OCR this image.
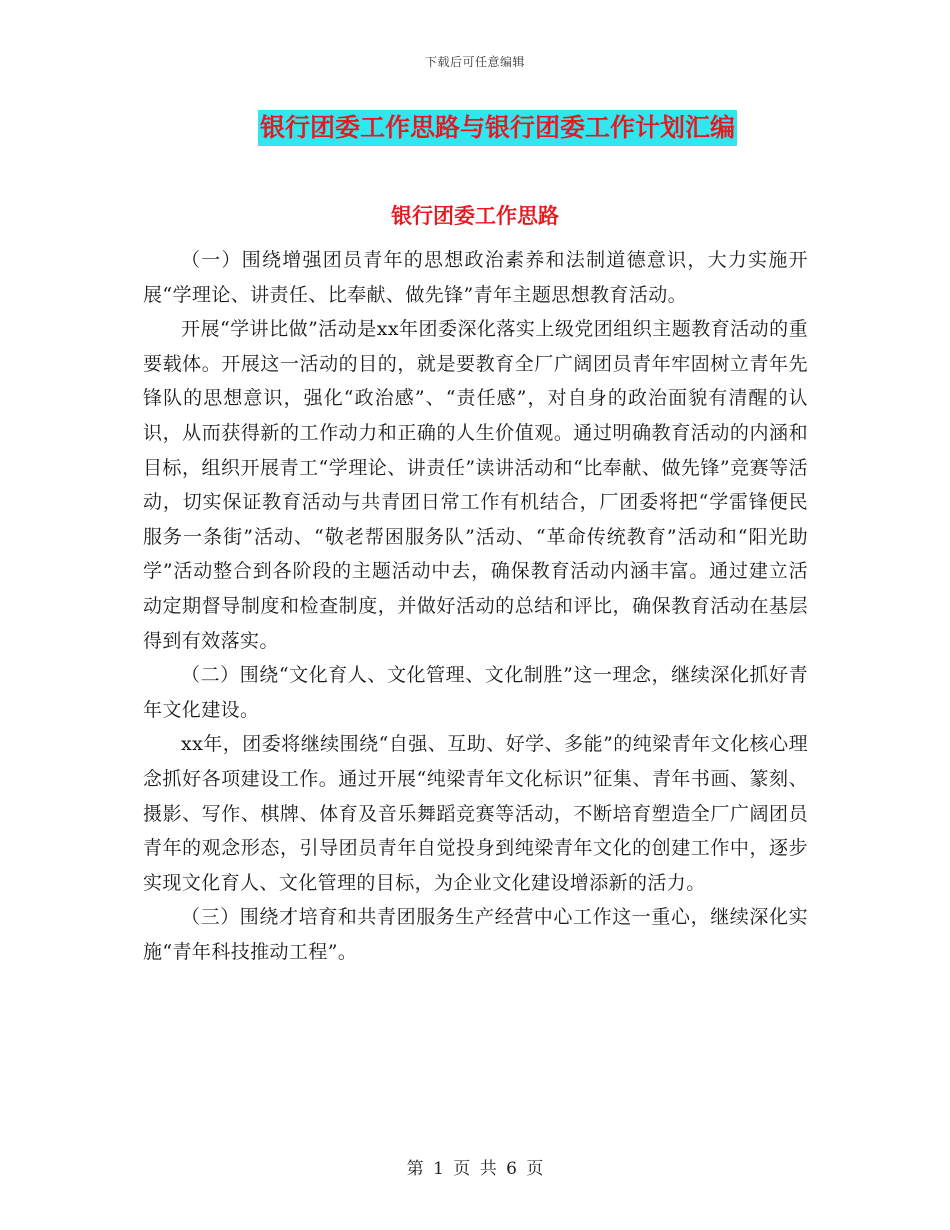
下载后可任意编辑
银行团委工作思路与银行团委工作计划汇编
银行团委工作思路

（一）围绕增强团员青年的思想政治素养和法制道德意识，大力实施开展“学理论、讲责任、比奉献、做先锋”青年主题思想教育活动。

开展“学讲比做”活动是xx年团委深化落实上级党团组织主题教育活动的重要载体。开展这一活动的目的，就是要教育全厂广阔团员青年牢固树立青年先锋队的思想意识，强化“政治感”、“责任感”，对自身的政治面貌有清醒的认识，从而获得新的工作动力和正确的人生价值观。通过明确教育活动的内涵和目标，组织开展青工“学理论、讲责任”读讲活动和“比奉献、做先锋”竞赛等活动，切实保证教育活动与共青团日常工作有机结合，厂团委将把“学雷锋便民服务一条街”活动、“敬老帮困服务队”活动、“革命传统教育”活动和“阳光助学”活动整合到各阶段的主题活动中去，确保教育活动内涵丰富。通过建立活动定期督导制度和检查制度，并做好活动的总结和评比，确保教育活动在基层得到有效落实。

（二）围绕“文化育人、文化管理、文化制胜”这一理念，继续深化抓好青年文化建设。

xx年，团委将继续围绕“自强、互助、好学、多能”的纯梁青年文化核心理念抓好各项建设工作。通过开展“纯梁青年文化标识”征集、青年书画、篆刻、摄影、写作、棋牌、体育及音乐舞蹈竞赛等活动，不断培育塑造全厂广阔团员青年的观念形态，引导团员青年自觉投身到纯梁青年文化的创建工作中，逐步实现文化育人、文化管理的目标，为企业文化建设增添新的活力。

（三）围绕才培育和共青团服务生产经营中心工作这一重心，继续深化实施“青年科技推动工程”。

第 1 页 共 6 页
